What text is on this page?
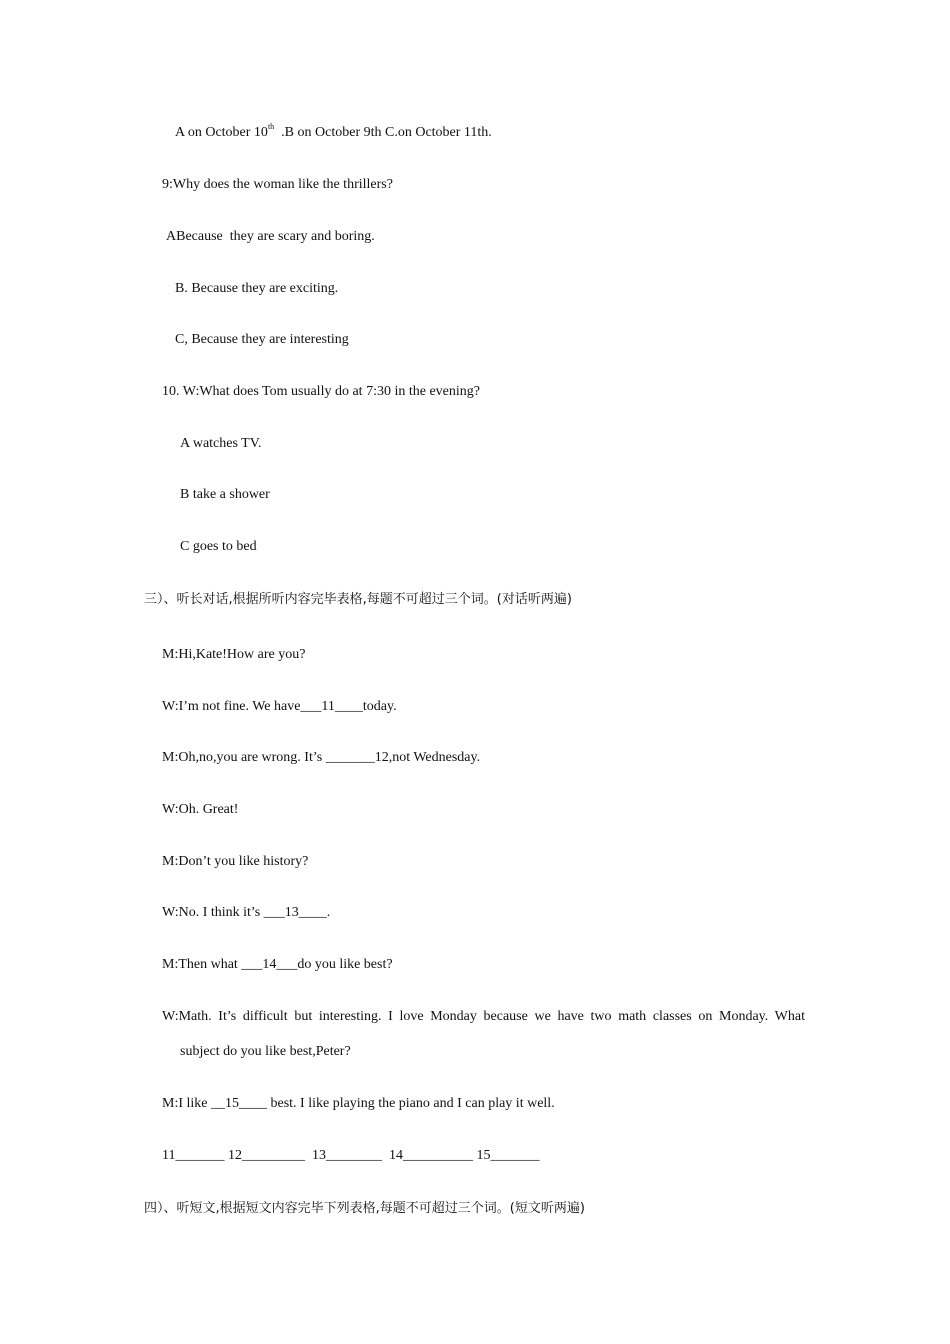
A on October 10th  .B on October 9th C.on October 11th.
9:Why does the woman like the thrillers?
ABecause  they are scary and boring.
B. Because they are exciting.
C, Because they are interesting
10. W:What does Tom usually do at 7:30 in the evening?
A watches TV.
B take a shower
C goes to bed
三）、听长对话,根据所听内容完毕表格,每题不可超过三个词。(对话听两遍)
M:Hi,Kate!How are you?
W:I’m not fine. We have___11____today.
M:Oh,no,you are wrong. It’s _______12,not Wednesday.
W:Oh. Great!
M:Don’t you like history?
W:No. I think it’s ___13____.
M:Then what ___14___do you like best?
W:Math. It’s difficult but interesting. I love Monday because we have two math classes on Monday. What
subject do you like best,Peter?
M:I like __15____ best. I like playing the piano and I can play it well.
11_______ 12_________  13________  14__________ 15_______
四）、听短文,根据短文内容完毕下列表格,每题不可超过三个词。(短文听两遍)
